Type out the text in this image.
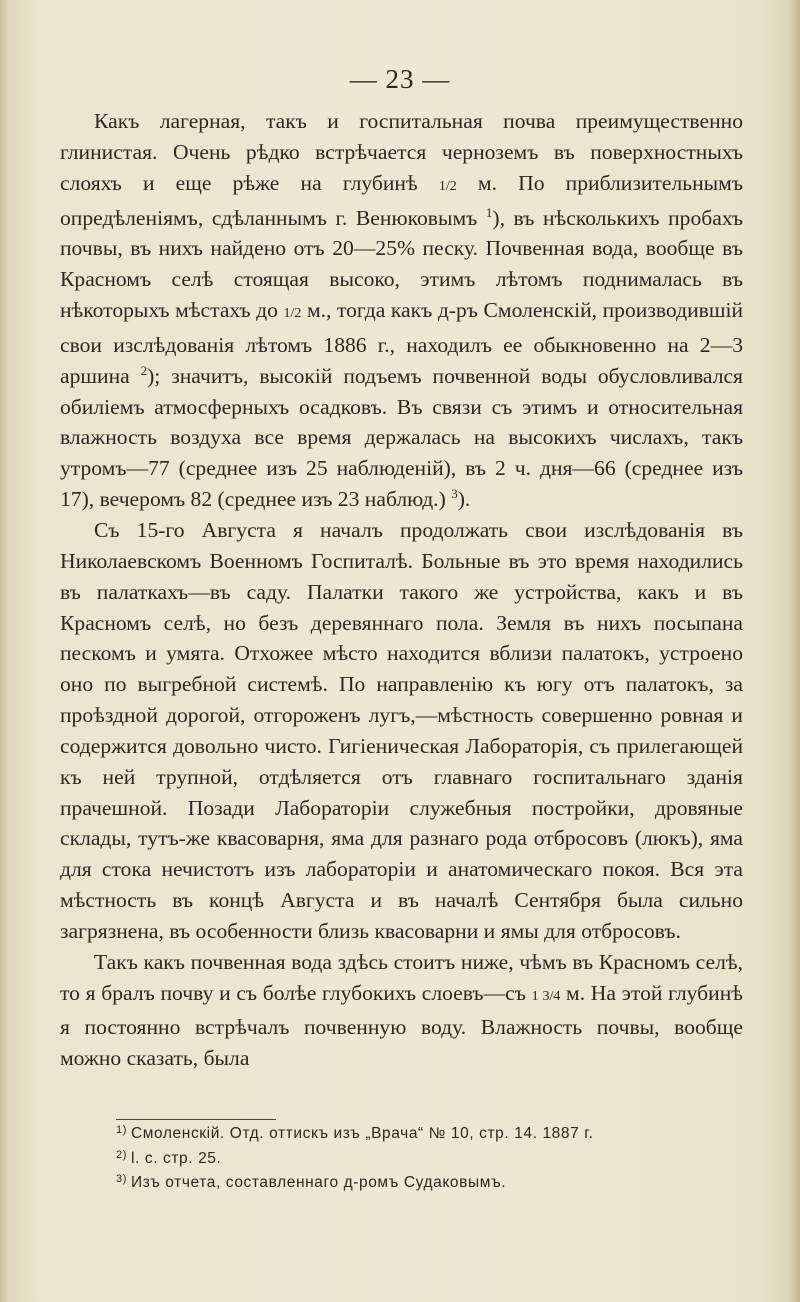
— 23 —

Какъ лагерная, такъ и госпитальная почва преимущественно глинистая. Очень рѣдко встрѣчается черноземъ въ поверхностныхъ слояхъ и еще рѣже на глубинѣ 1/2 м. По приблизительнымъ опредѣленіямъ, сдѣланнымъ г. Венюковымъ $^1$), въ нѣсколькихъ пробахъ почвы, въ нихъ найдено отъ 20—25% песку. Почвенная вода, вообще въ Красномъ селѣ стоящая высоко, этимъ лѣтомъ поднималась въ нѣкоторыхъ мѣстахъ до 1/2 м., тогда какъ д-ръ Смоленскій, производившій свои изслѣдованія лѣтомъ 1886 г., находилъ ее обыкновенно на 2—3 аршина $^2$); значитъ, высокій подъемъ почвенной воды обусловливался обиліемъ атмосферныхъ осадковъ. Въ связи съ этимъ и относительная влажность воздуха все время держалась на высокихъ числахъ, такъ утромъ—77 (среднее изъ 25 наблюденій), въ 2 ч. дня—66 (среднее изъ 17), вечеромъ 82 (среднее изъ 23 наблюд.) $^3$).

Съ 15-го Августа я началъ продолжать свои изслѣдованія въ Николаевскомъ Военномъ Госпиталѣ. Больные въ это время находились въ палаткахъ—въ саду. Палатки такого же устройства, какъ и въ Красномъ селѣ, но безъ деревяннаго пола. Земля въ нихъ посыпана пескомъ и умята. Отхожее мѣсто находится вблизи палатокъ, устроено оно по выгребной системѣ. По направленію къ югу отъ палатокъ, за проѣздной дорогой, отгороженъ лугъ,—мѣстность совершенно ровная и содержится довольно чисто. Гигіеническая Лабораторія, съ прилегающей къ ней трупной, отдѣляется отъ главнаго госпитальнаго зданія прачешной. Позади Лабораторіи служебныя постройки, дровяные склады, тутъ-же квасоварня, яма для разнаго рода отбросовъ (люкъ), яма для стока нечистотъ изъ лабораторіи и анатомическаго покоя. Вся эта мѣстность въ концѣ Августа и въ началѣ Сентября была сильно загрязнена, въ особенности близь квасоварни и ямы для отбросовъ.

Такъ какъ почвенная вода здѣсь стоитъ ниже, чѣмъ въ Красномъ селѣ, то я бралъ почву и съ болѣе глубокихъ слоевъ—съ 1 3/4 м. На этой глубинѣ я постоянно встрѣчалъ почвенную воду. Влажность почвы, вообще можно сказать, была

$^{1)}$ Смоленскій. Отд. оттискъ изъ „Врача“ № 10, стр. 14. 1887 г.
$^{2)}$ l. с. стр. 25.
$^{3)}$ Изъ отчета, составленнаго д-ромъ Судаковымъ.
